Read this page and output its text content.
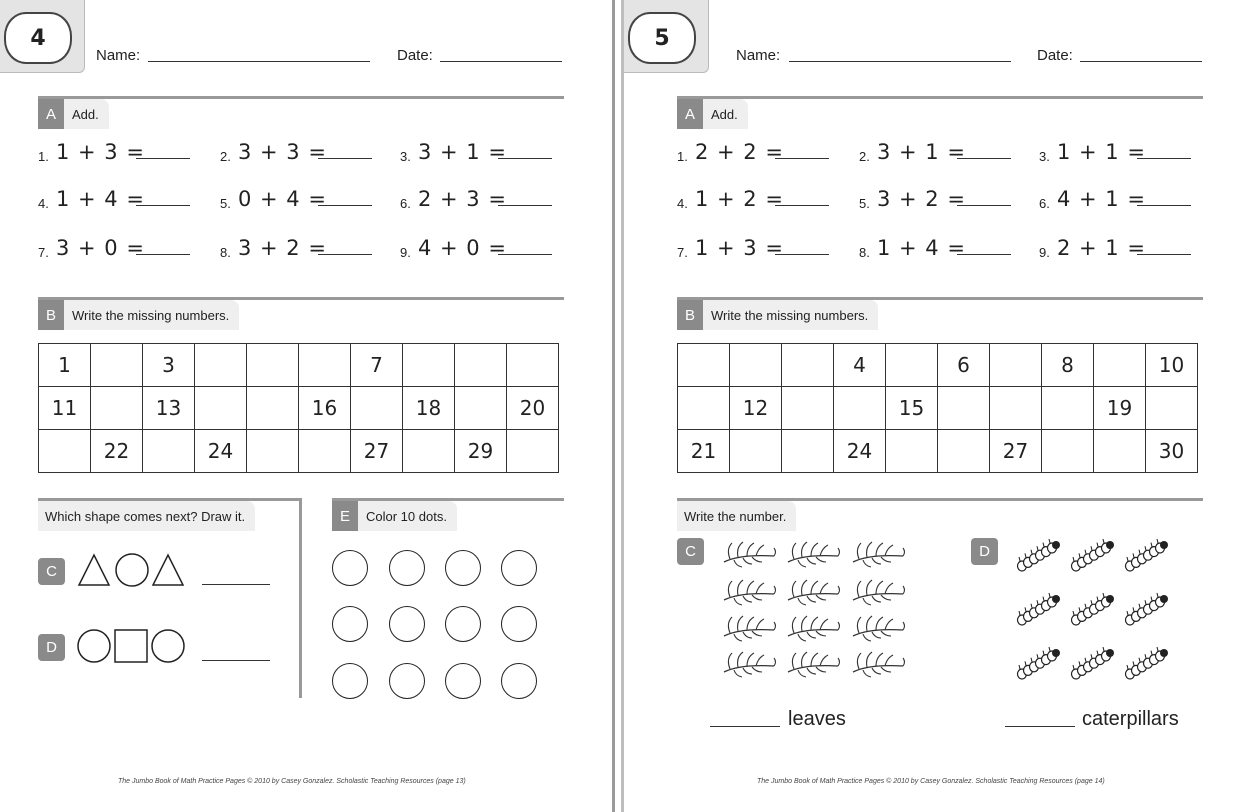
4
Name:	Date:
A	Add.
1. 1 + 3 =	2. 3 + 3 =	3. 3 + 1 =
4. 1 + 4 =	5. 0 + 4 =	6. 2 + 3 =
7. 3 + 0 =	8. 3 + 2 =	9. 4 + 0 =
B	Write the missing numbers.
1		3				7			
11		13			16		18		20
	22		24			27		29	
Which shape comes next? Draw it.
C
D
E	Color 10 dots.
The Jumbo Book of Math Practice Pages © 2010 by Casey Gonzalez. Scholastic Teaching Resources (page 13)
5
Name:	Date:
A	Add.
1. 2 + 2 =	2. 3 + 1 =	3. 1 + 1 =
4. 1 + 2 =	5. 3 + 2 =	6. 4 + 1 =
7. 1 + 3 =	8. 1 + 4 =	9. 2 + 1 =
B	Write the missing numbers.
			4		6		8		10
	12			15				19	
21			24			27			30
Write the number.
C
leaves
D
caterpillars
The Jumbo Book of Math Practice Pages © 2010 by Casey Gonzalez. Scholastic Teaching Resources (page 14)
